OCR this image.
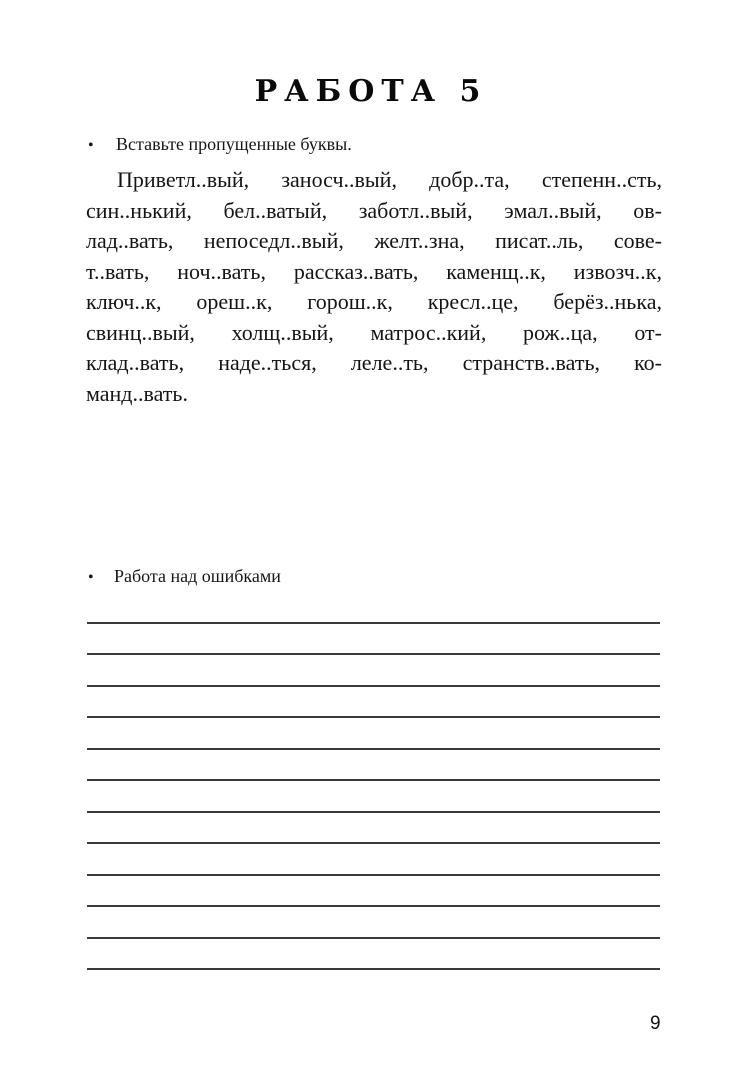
РАБОТА 5
• Вставьте пропущенные буквы.
Приветл..вый, заносч..вый, добр..та, степенн..сть,
син..нький, бел..ватый, заботл..вый, эмал..вый, ов-
лад..вать, непоседл..вый, желт..зна, писат..ль, сове-
т..вать, ноч..вать, рассказ..вать, каменщ..к, извозч..к,
ключ..к, ореш..к, горош..к, кресл..це, берёз..нька,
свинц..вый, холщ..вый, матрос..кий, рож..ца, от-
клад..вать, наде..ться, леле..ть, странств..вать, ко-
манд..вать.
• Работа над ошибками
9
